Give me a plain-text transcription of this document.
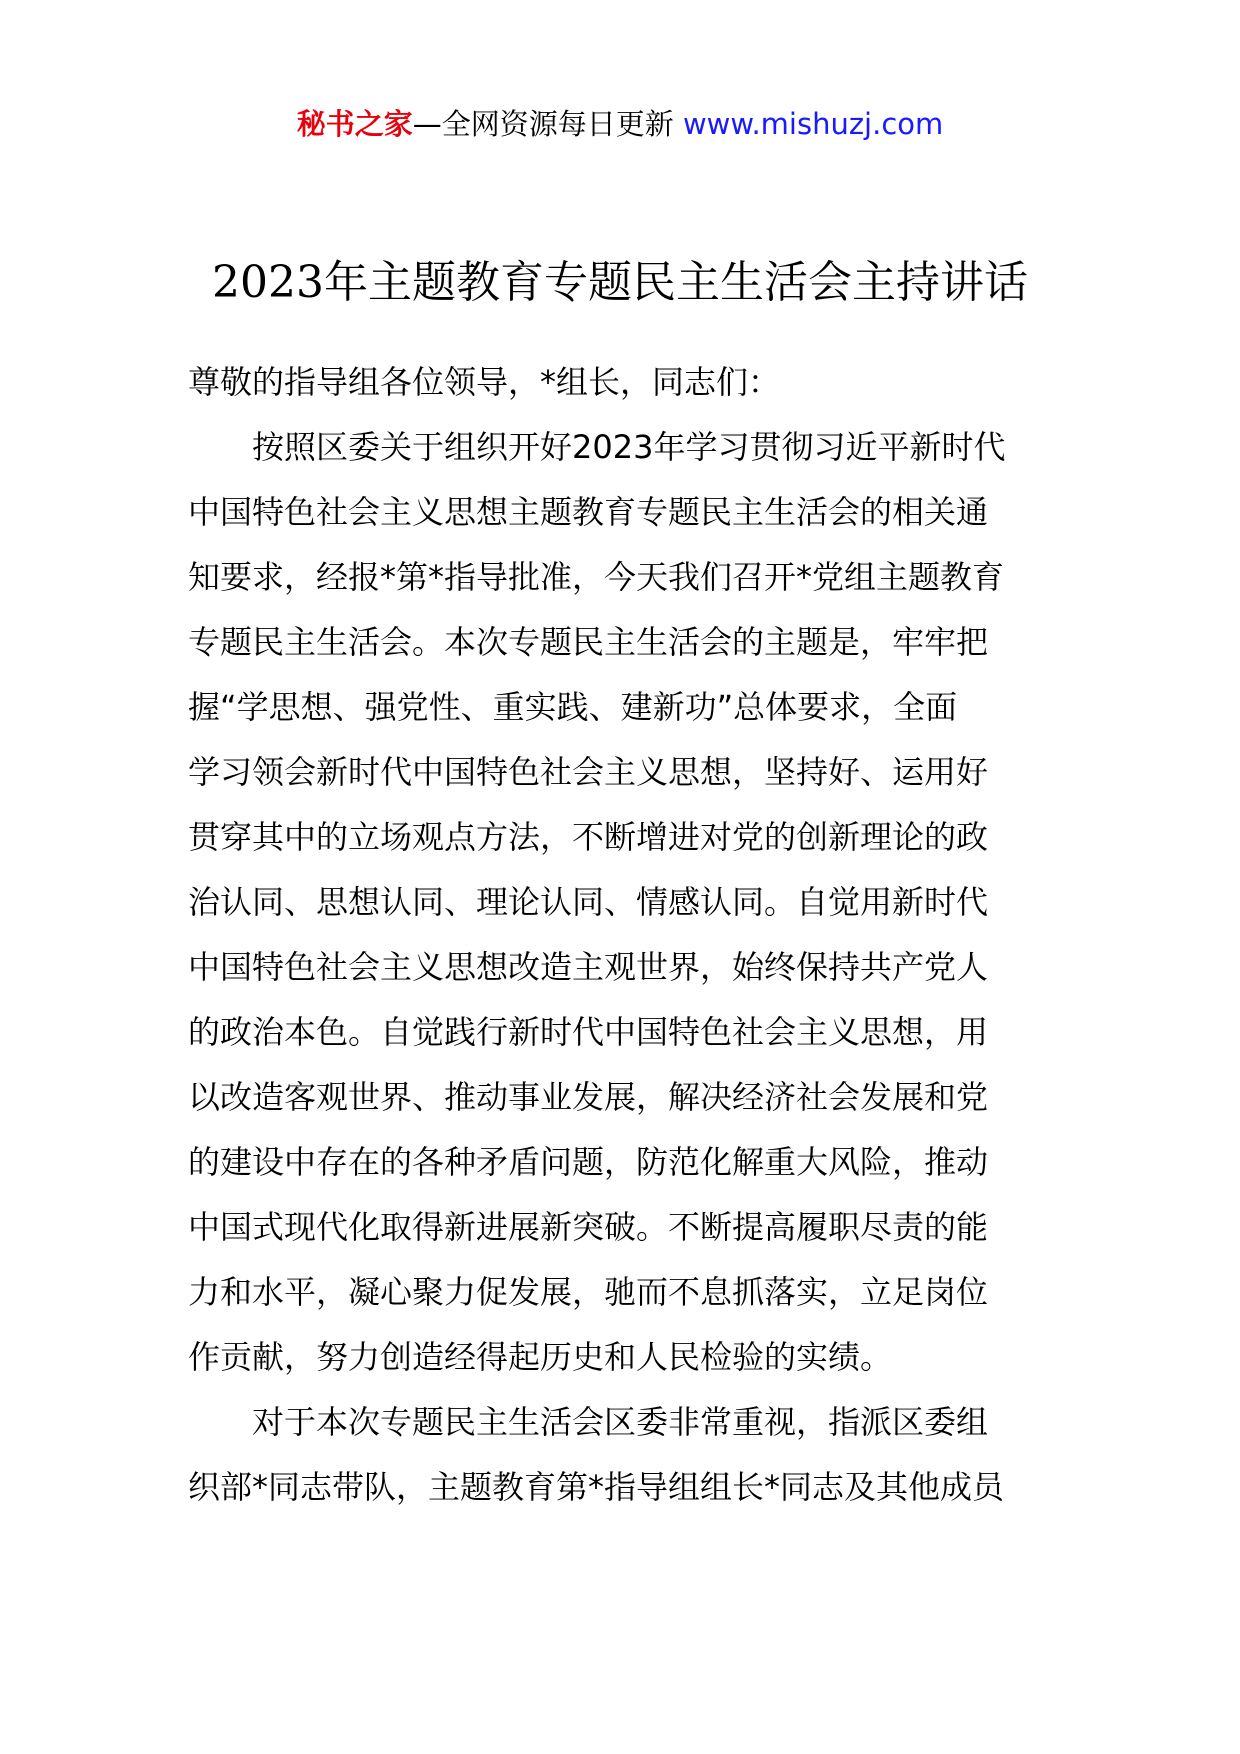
秘书之家—全网资源每日更新 www.mishuzj.com
2023年主题教育专题民主生活会主持讲话
尊敬的指导组各位领导，*组长，同志们：
按照区委关于组织开好2023年学习贯彻习近平新时代
中国特色社会主义思想主题教育专题民主生活会的相关通
知要求，经报*第*指导批准，今天我们召开*党组主题教育
专题民主生活会。本次专题民主生活会的主题是，牢牢把
握“学思想、强党性、重实践、建新功”总体要求，全面
学习领会新时代中国特色社会主义思想，坚持好、运用好
贯穿其中的立场观点方法，不断增进对党的创新理论的政
治认同、思想认同、理论认同、情感认同。自觉用新时代
中国特色社会主义思想改造主观世界，始终保持共产党人
的政治本色。自觉践行新时代中国特色社会主义思想，用
以改造客观世界、推动事业发展，解决经济社会发展和党
的建设中存在的各种矛盾问题，防范化解重大风险，推动
中国式现代化取得新进展新突破。不断提高履职尽责的能
力和水平，凝心聚力促发展，驰而不息抓落实，立足岗位
作贡献，努力创造经得起历史和人民检验的实绩。
对于本次专题民主生活会区委非常重视，指派区委组
织部*同志带队，主题教育第*指导组组长*同志及其他成员
